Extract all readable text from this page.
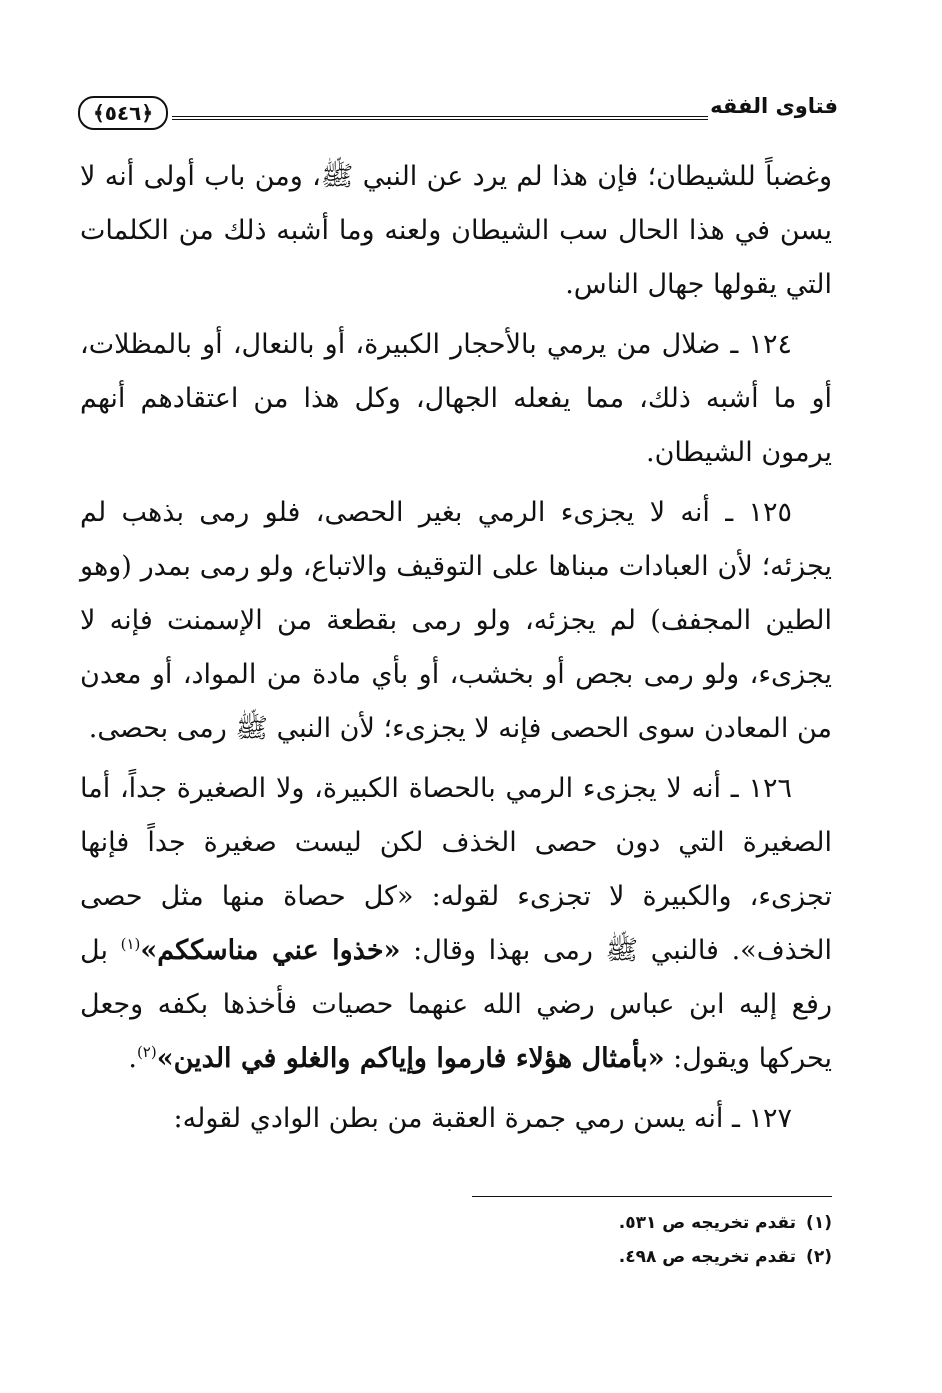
فتاوى الفقه
﴿٥٤٦﴾

وغضباً للشيطان؛ فإن هذا لم يرد عن النبي ﷺ، ومن باب أولى أنه لا يسن في هذا الحال سب الشيطان ولعنه وما أشبه ذلك من الكلمات التي يقولها جهال الناس.

١٢٤ ـ ضلال من يرمي بالأحجار الكبيرة، أو بالنعال، أو بالمظلات، أو ما أشبه ذلك، مما يفعله الجهال، وكل هذا من اعتقادهم أنهم يرمون الشيطان.

١٢٥ ـ أنه لا يجزىء الرمي بغير الحصى، فلو رمى بذهب لم يجزئه؛ لأن العبادات مبناها على التوقيف والاتباع، ولو رمى بمدر (وهو الطين المجفف) لم يجزئه، ولو رمى بقطعة من الإسمنت فإنه لا يجزىء، ولو رمى بجص أو بخشب، أو بأي مادة من المواد، أو معدن من المعادن سوى الحصى فإنه لا يجزىء؛ لأن النبي ﷺ رمى بحصى.

١٢٦ ـ أنه لا يجزىء الرمي بالحصاة الكبيرة، ولا الصغيرة جداً، أما الصغيرة التي دون حصى الخذف لكن ليست صغيرة جداً فإنها تجزىء، والكبيرة لا تجزىء لقوله: «كل حصاة منها مثل حصى الخذف». فالنبي ﷺ رمى بهذا وقال: «خذوا عني مناسككم»$^{(١)}$ بل رفع إليه ابن عباس رضي الله عنهما حصيات فأخذها بكفه وجعل يحركها ويقول: «بأمثال هؤلاء فارموا وإياكم والغلو في الدين»$^{(٢)}$.

١٢٧ ـ أنه يسن رمي جمرة العقبة من بطن الوادي لقوله:

(١)تقدم تخريجه ص ٥٣١.
(٢)تقدم تخريجه ص ٤٩٨.
